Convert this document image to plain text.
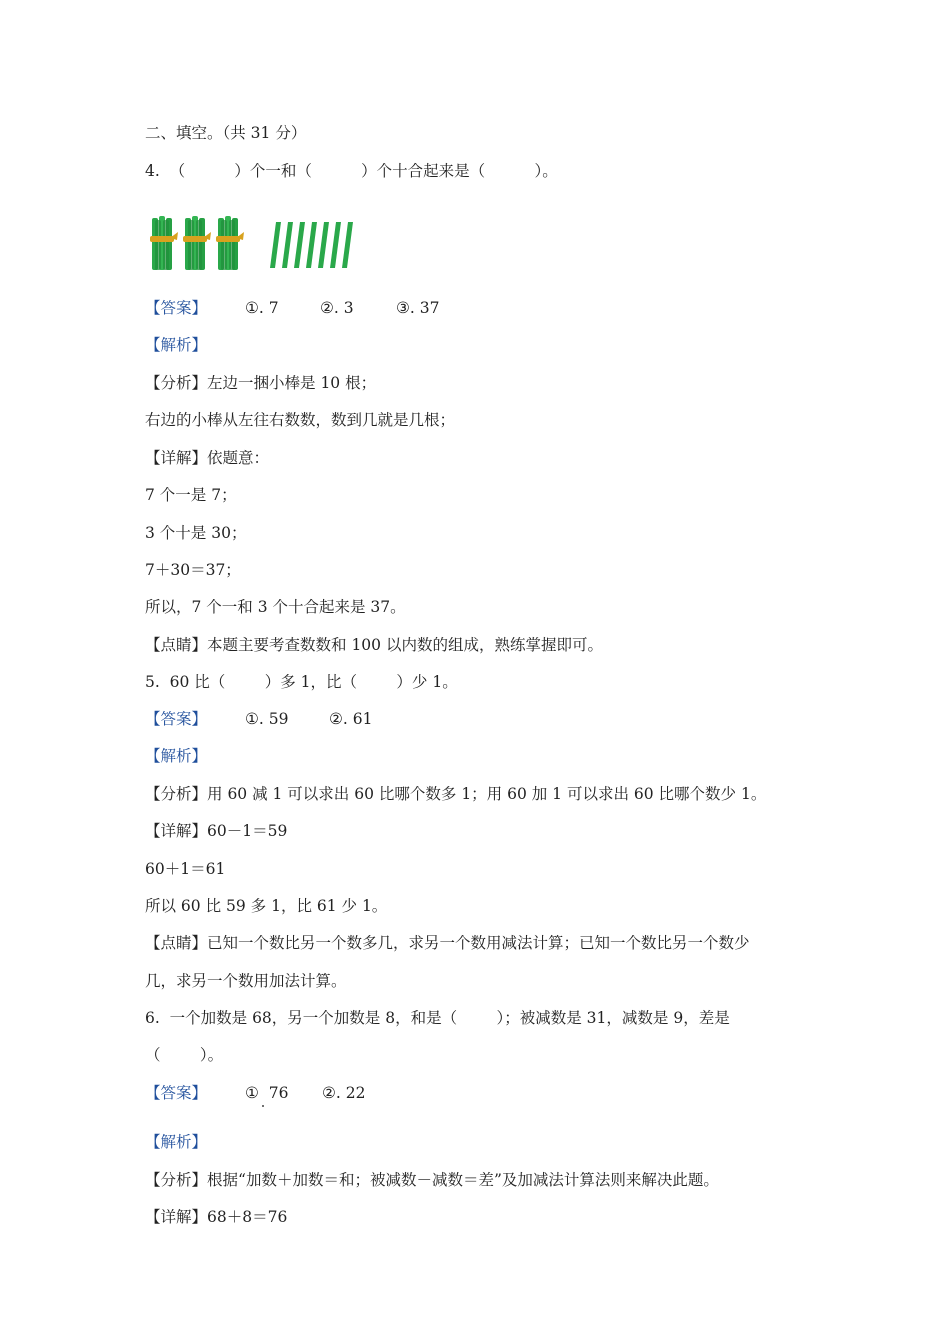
二、填空。（共 31 分）
4.  （          ）个一和（          ）个十合起来是（          ）。
【答案】 ①. 7	②. 3	③. 37
【解析】
【分析】左边一捆小棒是 10 根；
右边的小棒从左往右数数，数到几就是几根；
【详解】依题意：
7 个一是 7；
3 个十是 30；
7＋30＝37；
所以，7 个一和 3 个十合起来是 37。
【点睛】本题主要考查数数和 100 以内数的组成，熟练掌握即可。
5.  60 比（        ）多 1，比（        ）少 1。
【答案】 ①. 59	②. 61
【解析】
【分析】用 60 减 1 可以求出 60 比哪个数多 1；用 60 加 1 可以求出 60 比哪个数少 1。
【详解】60－1＝59
60＋1＝61
所以 60 比 59 多 1，比 61 少 1。
【点睛】已知一个数比另一个数多几，求另一个数用减法计算；已知一个数比另一个数少
几，求另一个数用加法计算。
6.  一个加数是 68，另一个加数是 8，和是（        ）；被减数是 31，减数是 9，差是
（        ）。
【答案】 ①  76 ②. 22
【解析】
【分析】根据“加数＋加数＝和；被减数－减数＝差”及加减法计算法则来解决此题。
【详解】68＋8＝76
